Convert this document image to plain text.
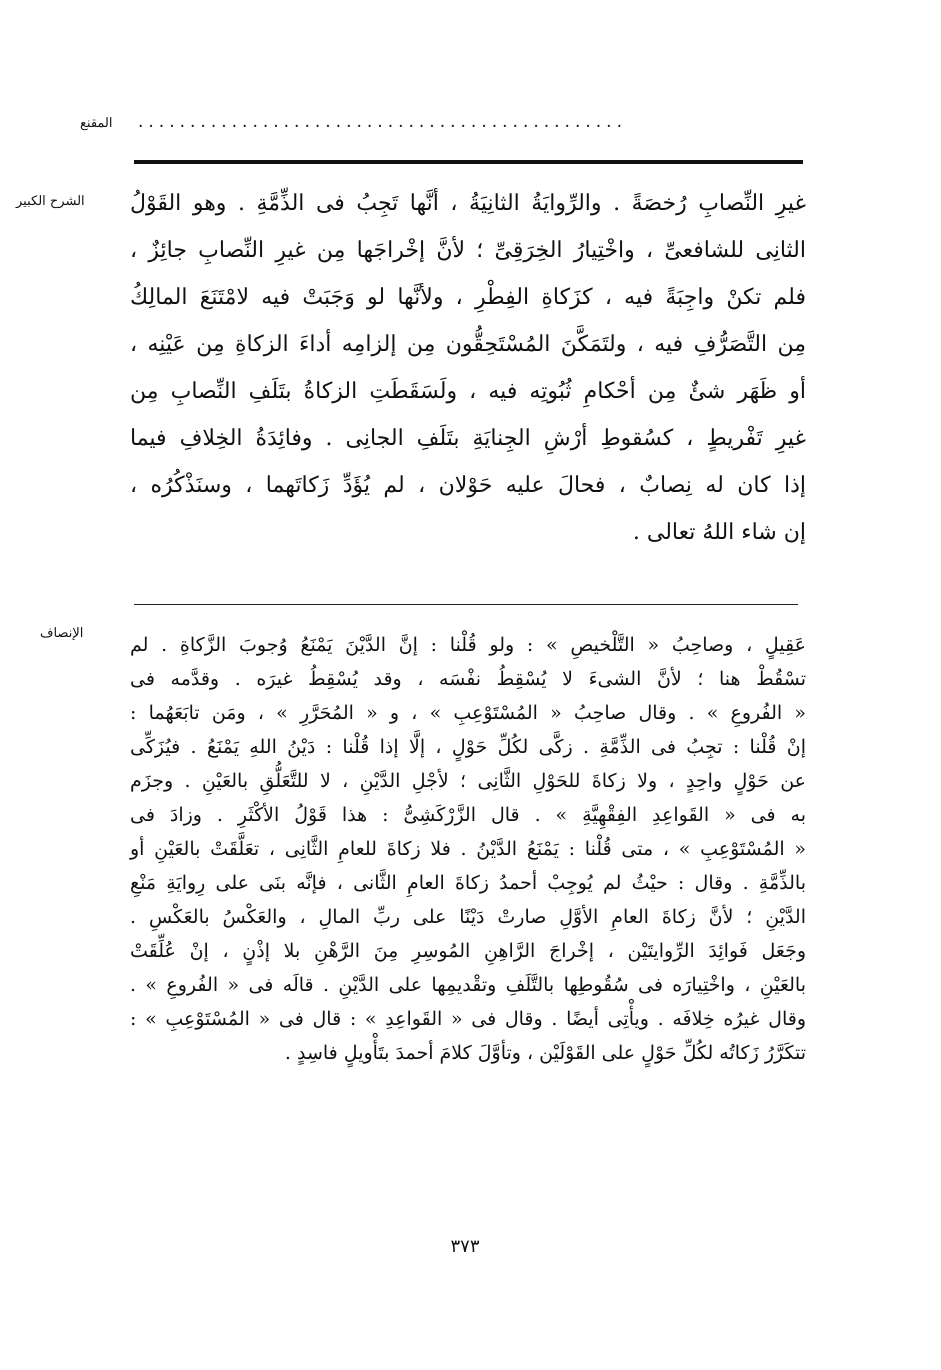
المقنع ...............................................
الشرح الكبير غيرِ النِّصابِ رُخصَةً . والرِّوايَةُ الثانِيَةُ ، أنَّها تَجِبُ فى الذِّمَّةِ . وهو القَوْلُ
الثانِى للشافعىِّ ، واخْتِيارُ الخِرَقِىِّ ؛ لأنَّ إخْراجَها مِن غيرِ النِّصابِ جائِزٌ ،
فلم تكنْ واجِبَةً فيه ، كزَكاةِ الفِطْرِ ، ولأنَّها لو وَجَبَتْ فيه لامْتَنَعَ المالِكُ
مِن التَّصَرُّفِ فيه ، ولتَمَكَّنَ المُسْتَحِقُّون مِن إلزامِه أداءَ الزكاةِ مِن عَيْنِه ،
أو ظَهَر شئٌ مِن أحْكامِ ثُبُوتِه فيه ، ولَسَقَطَتِ الزكاةُ بتَلَفِ النِّصابِ مِن
غيرِ تَفْريطٍ ، كسُقوطِ أرْشِ الجِنايَةِ بتَلَفِ الجانِى . وفائِدَةُ الخِلافِ فيما
إذا كان له نِصابٌ ، فحالَ عليه حَوْلان ، لم يُؤَدِّ زَكاتَهما ، وسنَذْكُرُه ،
إن شاء اللهُ تعالى .
الإنصاف
عَقِيلٍ ، وصاحِبُ « التَّلْخيصِ » : ولو قُلْنا : إنَّ الدَّيْنَ يَمْنَعُ وُجوبَ الزَّكاةِ . لم
تسْقُطْ هنا ؛ لأنَّ الشىءَ لا يُسْقِطُ نفْسَه ، وقد يُسْقِطُ غيرَه . وقدَّمه فى
« الفُروعِ » . وقال صاحِبُ « المُسْتَوْعِبِ » ، و « المُحَرَّرِ » ، ومَن تابَعَهُما :
إنْ قُلْنا : تجِبُ فى الذِّمَّةِ . زكَّى لكُلِّ حَوْلٍ ، إلَّا إذا قُلْنا : دَيْنُ اللهِ يَمْنَعُ . فيُزَكِّى
عن حَوْلٍ واحِدٍ ، ولا زكاةَ للحَوْلِ الثَّانِى ؛ لأجْلِ الدَّيْنِ ، لا للتَّعَلُّقِ بالعَيْنِ . وجزَم
به فى « القَواعِدِ الفِقْهِيَّةِ » . قال الزَّرْكَشِىُّ : هذا قَوْلُ الأكْثَرِ . وزادَ فى
« المُسْتَوْعِبِ » ، متى قُلْنا : يَمْنَعُ الدَّيْنُ . فلا زكاةَ للعامِ الثَّانِى ، تعَلَّقَتْ بالعَيْنِ أو
بالذِّمَّةِ . وقال : حيْثُ لم يُوجِبْ أحمدُ زكاةَ العامِ الثَّانى ، فإنَّه بنَى على رِوايَةِ مَنْعِ
الدَّيْنِ ؛ لأنَّ زكاةَ العامِ الأوَّلِ صارتْ دَيْنًا على ربِّ المالِ ، والعَكْسُ بالعَكْسِ .
وجَعَل فَوائِدَ الرِّوايتَيْن ، إخْراجَ الرَّاهِنِ المُوسِرِ مِنَ الرَّهْنِ بلا إذْنٍ ، إنْ عُلِّقَتْ
بالعَيْنِ ، واخْتِيارَه فى سُقُوطِها بالتَّلَفِ وتقْديمِها على الدَّيْنِ . قالَه فى « الفُروعِ » .
وقال غيرُه خِلافَه . ويأْتِى أيضًا . وقال فى « القَواعِدِ » : قال فى « المُسْتَوْعِبِ » :
تتكَرَّرُ زَكاتُه لكُلِّ حَوْلٍ على القَوْلَيْن ، وتأوَّلَ كلامَ أحمدَ بتَأْويلٍ فاسِدٍ .
٣٧٣
